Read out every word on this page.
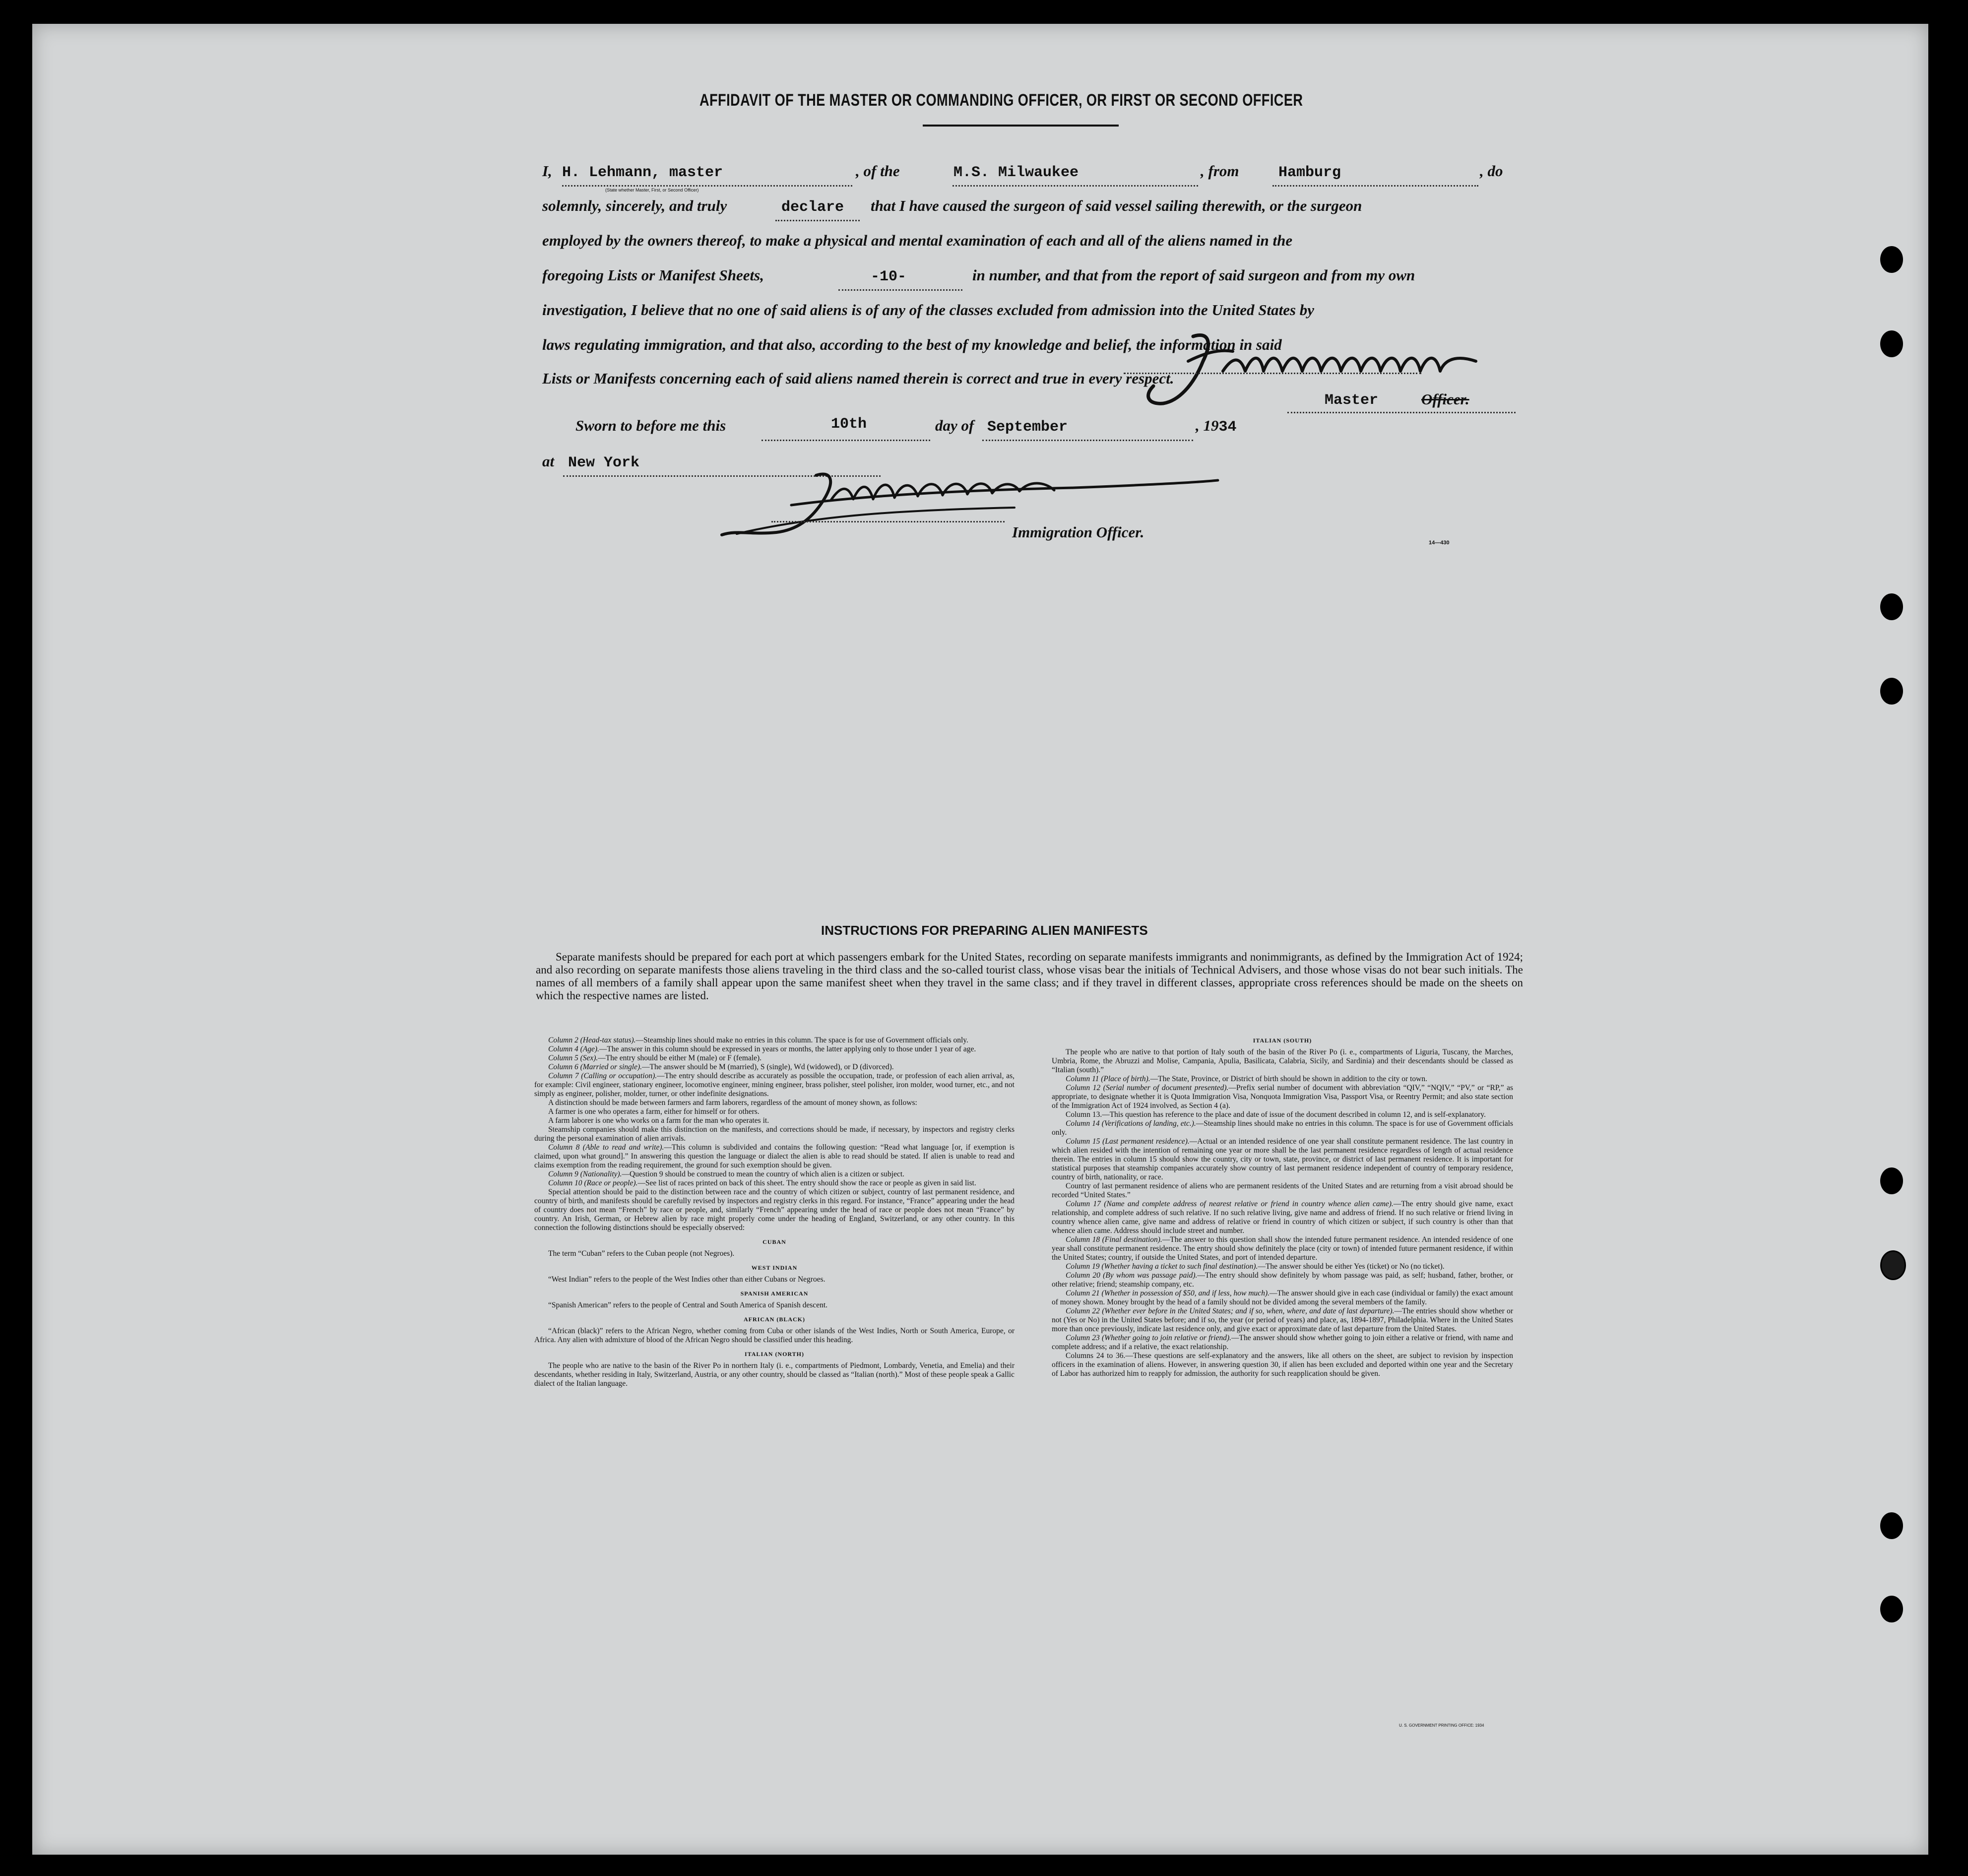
AFFIDAVIT OF THE MASTER OR COMMANDING OFFICER, OR FIRST OR SECOND OFFICER
I, H. Lehmann, master
(State whether Master, First, or Second Officer)
, of the	M.S. Milwaukee	, from	Hamburg	, do
solemnly, sincerely, and truly	declare that I have caused the surgeon of said vessel sailing therewith, or the surgeon
employed by the owners thereof, to make a physical and mental examination of each and all of the aliens named in the
foregoing Lists or Manifest Sheets,	-10-	in number, and that from the report of said surgeon and from my own
investigation, I believe that no one of said aliens is of any of the classes excluded from admission into the United States by
laws regulating immigration, and that also, according to the best of my knowledge and belief, the information in said
Lists or Manifests concerning each of said aliens named therein is correct and true in every respect.
Master	Officer.
Sworn to before me this	10th	day of September	, 1934
at New York
Immigration Officer.
14—430
INSTRUCTIONS FOR PREPARING ALIEN MANIFESTS
Separate manifests should be prepared for each port at which passengers embark for the United States, recording on separate manifests immigrants and nonimmigrants, as defined by the Immigration Act of 1924; and also recording on separate manifests those aliens traveling in the third class and the so-called tourist class, whose visas bear the initials of Technical Advisers, and those whose visas do not bear such initials. The names of all members of a family shall appear upon the same manifest sheet when they travel in the same class; and if they travel in different classes, appropriate cross references should be made on the sheets on which the respective names are listed.

Column 2 (Head-tax status).—Steamship lines should make no entries in this column. The space is for use of Government officials only.

Column 4 (Age).—The answer in this column should be expressed in years or months, the latter applying only to those under 1 year of age.

Column 5 (Sex).—The entry should be either M (male) or F (female).

Column 6 (Married or single).—The answer should be M (married), S (single), Wd (widowed), or D (divorced).

Column 7 (Calling or occupation).—The entry should describe as accurately as possible the occupation, trade, or profession of each alien arrival, as, for example: Civil engineer, stationary engineer, locomotive engineer, mining engineer, brass polisher, steel polisher, iron molder, wood turner, etc., and not simply as engineer, polisher, molder, turner, or other indefinite designations.

A distinction should be made between farmers and farm laborers, regardless of the amount of money shown, as follows:

A farmer is one who operates a farm, either for himself or for others.

A farm laborer is one who works on a farm for the man who operates it.

Steamship companies should make this distinction on the manifests, and corrections should be made, if necessary, by inspectors and registry clerks during the personal examination of alien arrivals.

Column 8 (Able to read and write).—This column is subdivided and contains the following question: “Read what language [or, if exemption is claimed, upon what ground].” In answering this question the language or dialect the alien is able to read should be stated. If alien is unable to read and claims exemption from the reading requirement, the ground for such exemption should be given.

Column 9 (Nationality).—Question 9 should be construed to mean the country of which alien is a citizen or subject.

Column 10 (Race or people).—See list of races printed on back of this sheet. The entry should show the race or people as given in said list.

Special attention should be paid to the distinction between race and the country of which citizen or subject, country of last permanent residence, and country of birth, and manifests should be carefully revised by inspectors and registry clerks in this regard. For instance, “France” appearing under the head of country does not mean “French” by race or people, and, similarly “French” appearing under the head of race or people does not mean “France” by country. An Irish, German, or Hebrew alien by race might properly come under the heading of England, Switzerland, or any other country. In this connection the following distinctions should be especially observed:

CUBAN

The term “Cuban” refers to the Cuban people (not Negroes).

WEST INDIAN

“West Indian” refers to the people of the West Indies other than either Cubans or Negroes.

SPANISH AMERICAN

“Spanish American” refers to the people of Central and South America of Spanish descent.

AFRICAN (BLACK)

“African (black)” refers to the African Negro, whether coming from Cuba or other islands of the West Indies, North or South America, Europe, or Africa. Any alien with admixture of blood of the African Negro should be classified under this heading.

ITALIAN (NORTH)

The people who are native to the basin of the River Po in northern Italy (i. e., compartments of Piedmont, Lombardy, Venetia, and Emelia) and their descendants, whether residing in Italy, Switzerland, Austria, or any other country, should be classed as “Italian (north).” Most of these people speak a Gallic dialect of the Italian language.

ITALIAN (SOUTH)

The people who are native to that portion of Italy south of the basin of the River Po (i. e., compartments of Liguria, Tuscany, the Marches, Umbria, Rome, the Abruzzi and Molise, Campania, Apulia, Basilicata, Calabria, Sicily, and Sardinia) and their descendants should be classed as “Italian (south).”

Column 11 (Place of birth).—The State, Province, or District of birth should be shown in addition to the city or town.

Column 12 (Serial number of document presented).—Prefix serial number of document with abbreviation “QIV,” “NQIV,” “PV,” or “RP,” as appropriate, to designate whether it is Quota Immigration Visa, Nonquota Immigration Visa, Passport Visa, or Reentry Permit; and also state section of the Immigration Act of 1924 involved, as Section 4 (a).

Column 13.—This question has reference to the place and date of issue of the document described in column 12, and is self-explanatory.

Column 14 (Verifications of landing, etc.).—Steamship lines should make no entries in this column. The space is for use of Government officials only.

Column 15 (Last permanent residence).—Actual or an intended residence of one year shall constitute permanent residence. The last country in which alien resided with the intention of remaining one year or more shall be the last permanent residence regardless of length of actual residence therein. The entries in column 15 should show the country, city or town, state, province, or district of last permanent residence. It is important for statistical purposes that steamship companies accurately show country of last permanent residence independent of country of temporary residence, country of birth, nationality, or race.

Country of last permanent residence of aliens who are permanent residents of the United States and are returning from a visit abroad should be recorded “United States.”

Column 17 (Name and complete address of nearest relative or friend in country whence alien came).—The entry should give name, exact relationship, and complete address of such relative. If no such relative living, give name and address of friend. If no such relative or friend living in country whence alien came, give name and address of relative or friend in country of which citizen or subject, if such country is other than that whence alien came. Address should include street and number.

Column 18 (Final destination).—The answer to this question shall show the intended future permanent residence. An intended residence of one year shall constitute permanent residence. The entry should show definitely the place (city or town) of intended future permanent residence, if within the United States; country, if outside the United States, and port of intended departure.

Column 19 (Whether having a ticket to such final destination).—The answer should be either Yes (ticket) or No (no ticket).

Column 20 (By whom was passage paid).—The entry should show definitely by whom passage was paid, as self; husband, father, brother, or other relative; friend; steamship company, etc.

Column 21 (Whether in possession of $50, and if less, how much).—The answer should give in each case (individual or family) the exact amount of money shown. Money brought by the head of a family should not be divided among the several members of the family.

Column 22 (Whether ever before in the United States; and if so, when, where, and date of last departure).—The entries should show whether or not (Yes or No) in the United States before; and if so, the year (or period of years) and place, as, 1894-1897, Philadelphia. Where in the United States more than once previously, indicate last residence only, and give exact or approximate date of last departure from the United States.

Column 23 (Whether going to join relative or friend).—The answer should show whether going to join either a relative or friend, with name and complete address; and if a relative, the exact relationship.

Columns 24 to 36.—These questions are self-explanatory and the answers, like all others on the sheet, are subject to revision by inspection officers in the examination of aliens. However, in answering question 30, if alien has been excluded and deported within one year and the Secretary of Labor has authorized him to reapply for admission, the authority for such reapplication should be given.

U. S. GOVERNMENT PRINTING OFFICE: 1934
